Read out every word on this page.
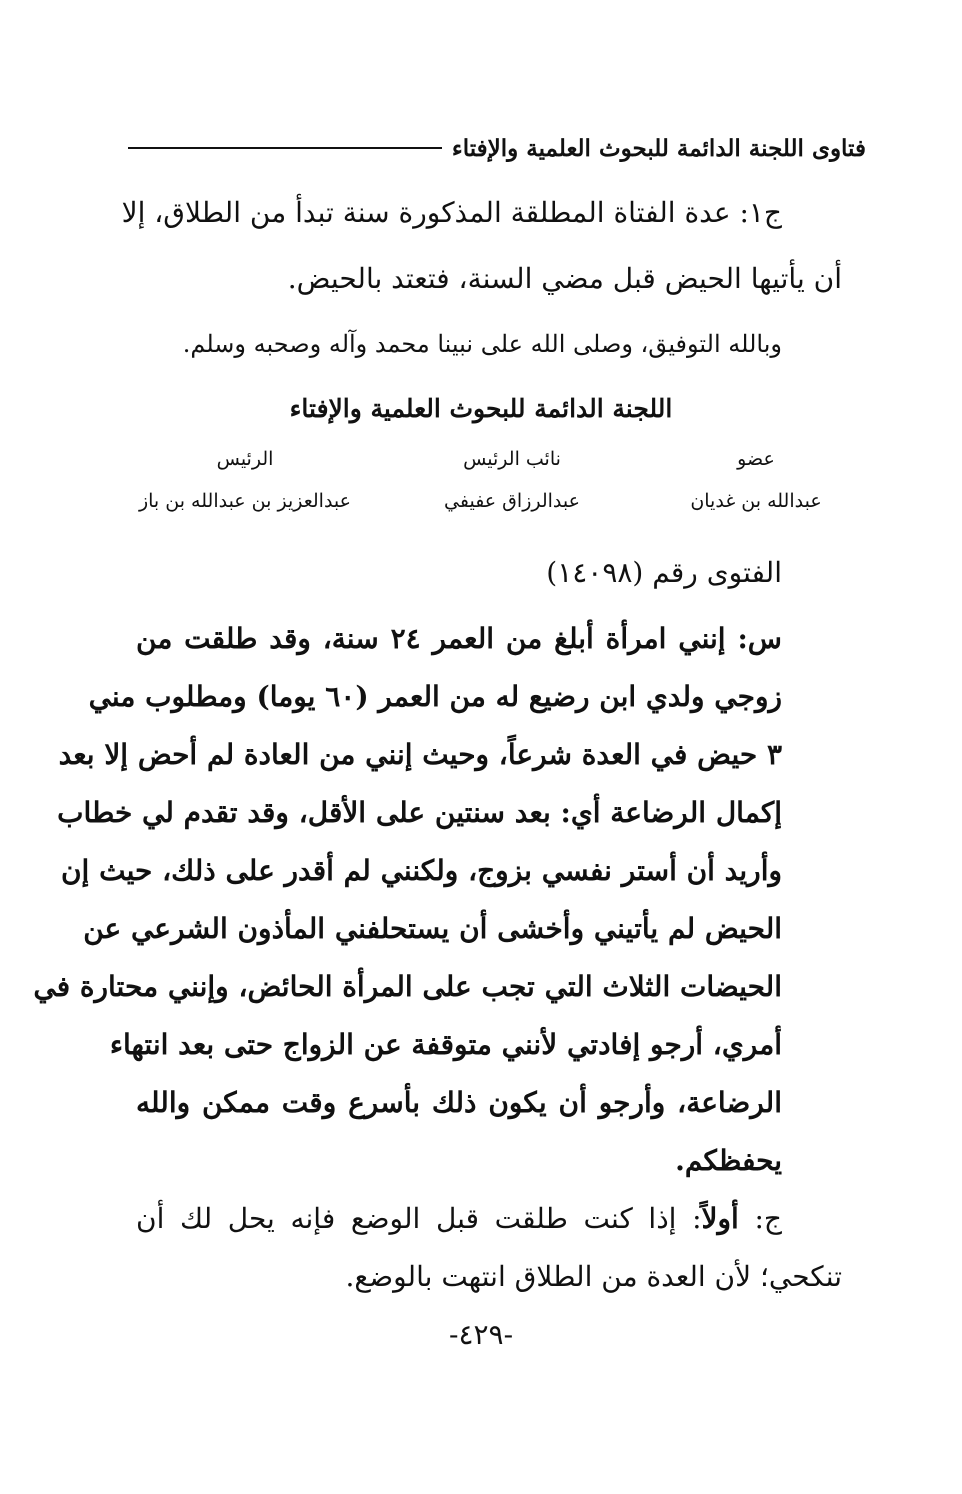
فتاوى اللجنة الدائمة للبحوث العلمية والإفتاء
ج١: عدة الفتاة المطلقة المذكورة سنة تبدأ من الطلاق، إلا
أن يأتيها الحيض قبل مضي السنة، فتعتد بالحيض.
وبالله التوفيق، وصلى الله على نبينا محمد وآله وصحبه وسلم.
اللجنة الدائمة للبحوث العلمية والإفتاء
عضو
عبدالله بن غديان
نائب الرئيس
عبدالرزاق عفيفي
الرئيس
عبدالعزيز بن عبدالله بن باز
الفتوى رقم (١٤٠٩٨)
س: إنني امرأة أبلغ من العمر ٢٤ سنة، وقد طلقت من
زوجي ولدي ابن رضيع له من العمر (٦٠ يوما) ومطلوب مني
٣ حيض في العدة شرعاً، وحيث إنني من العادة لم أحض إلا بعد
إكمال الرضاعة أي: بعد سنتين على الأقل، وقد تقدم لي خطاب
وأريد أن أستر نفسي بزوج، ولكنني لم أقدر على ذلك، حيث إن
الحيض لم يأتيني وأخشى أن يستحلفني المأذون الشرعي عن
الحيضات الثلاث التي تجب على المرأة الحائض، وإنني محتارة في
أمري، أرجو إفادتي لأنني متوقفة عن الزواج حتى بعد انتهاء
الرضاعة، وأرجو أن يكون ذلك بأسرع وقت ممكن والله
يحفظكم.
ج: أولاً: إذا كنت طلقت قبل الوضع فإنه يحل لك أن
تنكحي؛ لأن العدة من الطلاق انتهت بالوضع.
-٤٢٩-
